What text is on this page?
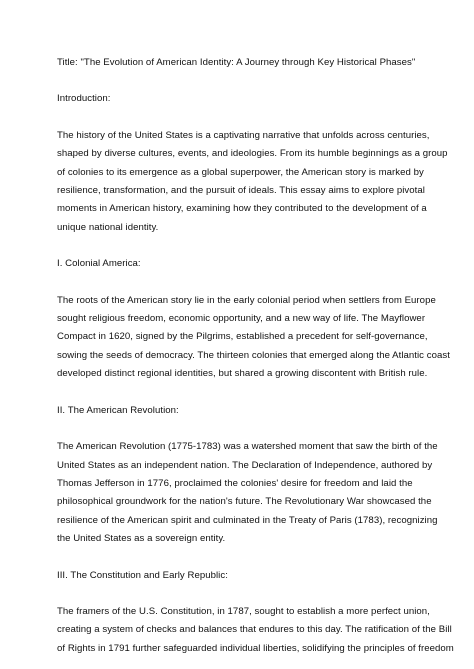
Title: "The Evolution of American Identity: A Journey through Key Historical Phases"

Introduction:

The history of the United States is a captivating narrative that unfolds across centuries,

shaped by diverse cultures, events, and ideologies. From its humble beginnings as a group

of colonies to its emergence as a global superpower, the American story is marked by

resilience, transformation, and the pursuit of ideals. This essay aims to explore pivotal

moments in American history, examining how they contributed to the development of a

unique national identity.

I. Colonial America:

The roots of the American story lie in the early colonial period when settlers from Europe

sought religious freedom, economic opportunity, and a new way of life. The Mayflower

Compact in 1620, signed by the Pilgrims, established a precedent for self-governance,

sowing the seeds of democracy. The thirteen colonies that emerged along the Atlantic coast

developed distinct regional identities, but shared a growing discontent with British rule.

II. The American Revolution:

The American Revolution (1775-1783) was a watershed moment that saw the birth of the

United States as an independent nation. The Declaration of Independence, authored by

Thomas Jefferson in 1776, proclaimed the colonies' desire for freedom and laid the

philosophical groundwork for the nation's future. The Revolutionary War showcased the

resilience of the American spirit and culminated in the Treaty of Paris (1783), recognizing

the United States as a sovereign entity.

III. The Constitution and Early Republic:

The framers of the U.S. Constitution, in 1787, sought to establish a more perfect union,

creating a system of checks and balances that endures to this day. The ratification of the Bill

of Rights in 1791 further safeguarded individual liberties, solidifying the principles of freedom
